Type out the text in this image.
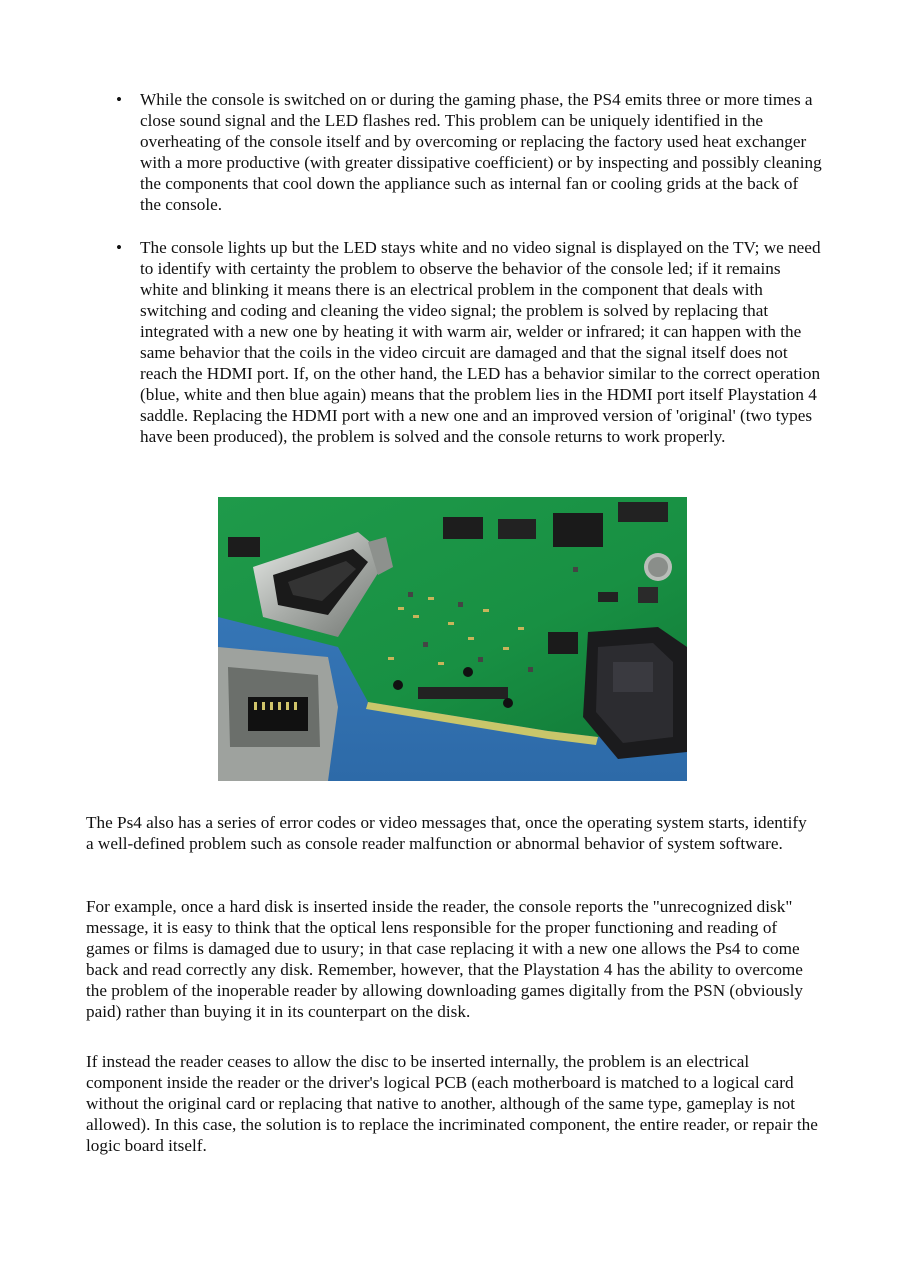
• While the console is switched on or during the gaming phase, the PS4 emits three or more times a close sound signal and the LED flashes red. This problem can be uniquely identified in the overheating of the console itself and by overcoming or replacing the factory used heat exchanger with a more productive (with greater dissipative coefficient) or by inspecting and possibly cleaning the components that cool down the appliance such as internal fan or cooling grids at the back of the console.
• The console lights up but the LED stays white and no video signal is displayed on the TV; we need to identify with certainty the problem to observe the behavior of the console led; if it remains white and blinking it means there is an electrical problem in the component that deals with switching and coding and cleaning the video signal; the problem is solved by replacing that integrated with a new one by heating it with warm air, welder or infrared; it can happen with the same behavior that the coils in the video circuit are damaged and that the signal itself does not reach the HDMI port. If, on the other hand, the LED has a behavior similar to the correct operation (blue, white and then blue again) means that the problem lies in the HDMI port itself Playstation 4 saddle. Replacing the HDMI port with a new one and an improved version of 'original' (two types have been produced), the problem is solved and the console returns to work properly.

The Ps4 also has a series of error codes or video messages that, once the operating system starts, identify a well-defined problem such as console reader malfunction or abnormal behavior of system software.

For example, once a hard disk is inserted inside the reader, the console reports the "unrecognized disk" message, it is easy to think that the optical lens responsible for the proper functioning and reading of games or films is damaged due to usury; in that case replacing it with a new one allows the Ps4 to come back and read correctly any disk. Remember, however, that the Playstation 4 has the ability to overcome the problem of the inoperable reader by allowing downloading games digitally from the PSN (obviously paid) rather than buying it in its counterpart on the disk.

If instead the reader ceases to allow the disc to be inserted internally, the problem is an electrical component inside the reader or the driver's logical PCB (each motherboard is matched to a logical card without the original card or replacing that native to another, although of the same type, gameplay is not allowed). In this case, the solution is to replace the incriminated component, the entire reader, or repair the logic board itself.
